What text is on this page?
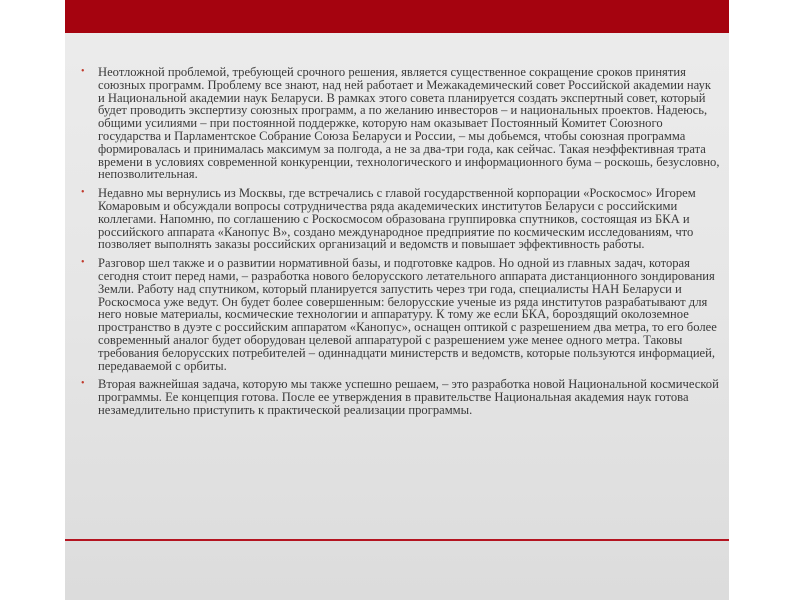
• Неотложной проблемой, требующей срочного решения, является существенное сокращение сроков принятия союзных программ. Проблему все знают, над ней работает и Межакадемический совет Российской академии наук и Национальной академии наук Беларуси. В рамках этого совета планируется создать экспертный совет, который будет проводить экспертизу союзных программ, а по желанию инвесторов – и национальных проектов. Надеюсь, общими усилиями – при постоянной поддержке, которую нам оказывает Постоянный Комитет Союзного государства и Парламентское Собрание Союза Беларуси и России, – мы добьемся, чтобы союзная программа формировалась и принималась максимум за полгода, а не за два-три года, как сейчас. Такая неэффективная трата времени в условиях современной конкуренции, технологического и информационного бума – роскошь, безусловно, непозволительная.
• Недавно мы вернулись из Москвы, где встречались с главой государственной корпорации «Роскосмос» Игорем Комаровым и обсуждали вопросы сотрудничества ряда академических институтов Беларуси с российскими коллегами. Напомню, по соглашению с Роскосмосом образована группировка спутников, состоящая из БКА и российского аппарата «Канопус В», создано международное предприятие по космическим исследованиям, что позволяет выполнять заказы российских организаций и ведомств и повышает эффективность работы.
• Разговор шел также и о развитии нормативной базы, и подготовке кадров. Но одной из главных задач, которая сегодня стоит перед нами, – разработка нового белорусского летательного аппарата дистанционного зондирования Земли. Работу над спутником, который планируется запустить через три года, специалисты НАН Беларуси и Роскосмоса уже ведут. Он будет более совершенным: белорусские ученые из ряда институтов разрабатывают для него новые материалы, космические технологии и аппаратуру. К тому же если БКА, бороздящий околоземное пространство в дуэте с российским аппаратом «Канопус», оснащен оптикой с разрешением два метра, то его более современный аналог будет оборудован целевой аппаратурой с разрешением уже менее одного метра. Таковы требования белорусских потребителей – одиннадцати министерств и ведомств, которые пользуются информацией, передаваемой с орбиты.
• Вторая важнейшая задача, которую мы также успешно решаем, – это разработка новой Национальной космической     программы. Ее концепция готова. После ее утверждения в правительстве Национальная академия наук готова незамедлительно приступить к практической реализации программы.
